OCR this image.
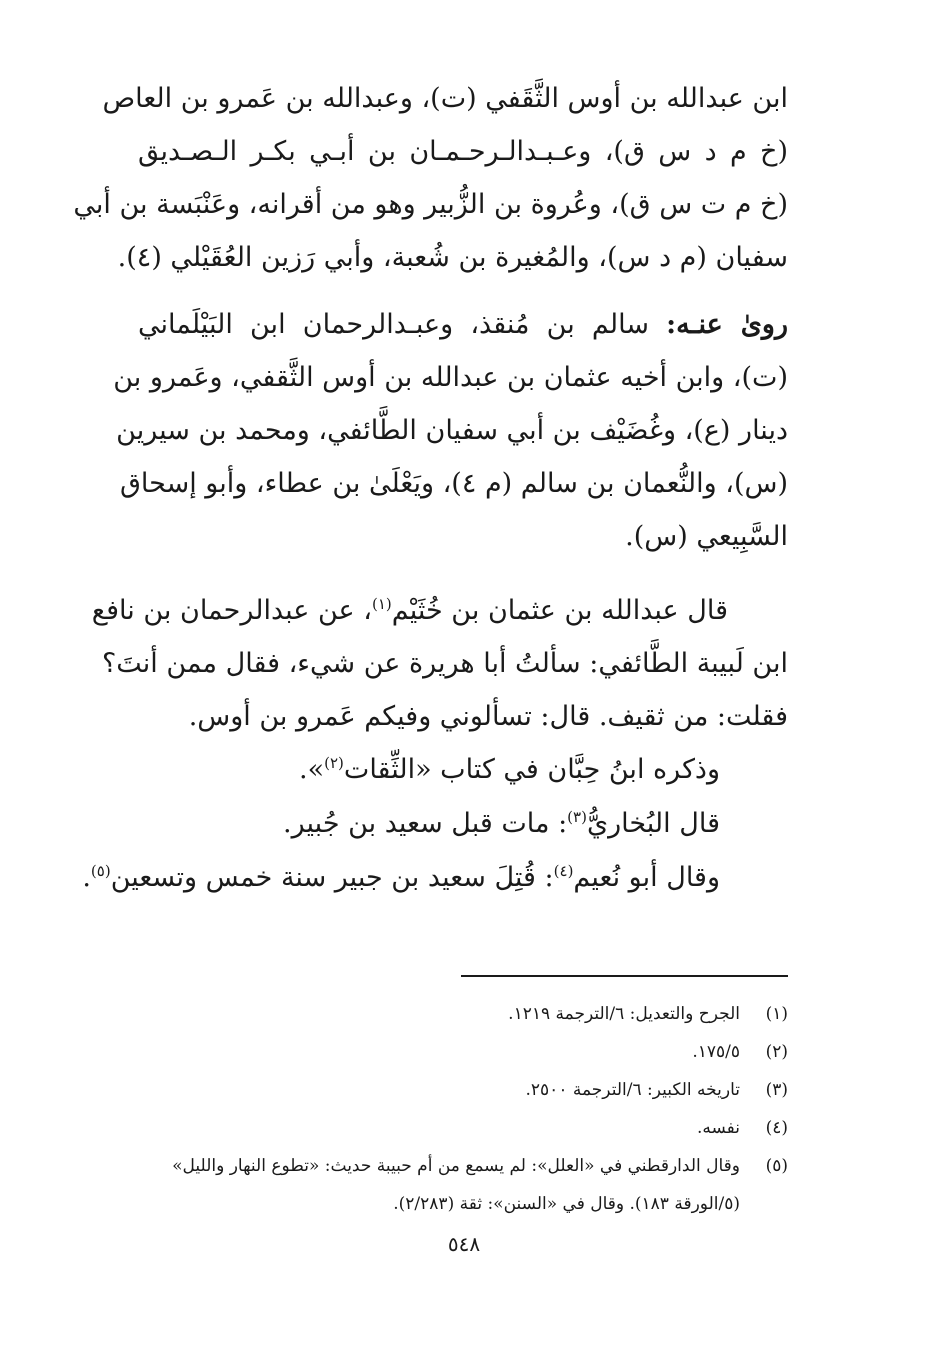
ابن عبدالله بن أوس الثَّقَفي (ت)، وعبدالله بن عَمرو بن العاص
(خ م د س ق)، وعـبـدالـرحـمـان بن أبـي بكـر الـصـديق
(خ م ت س ق)، وعُروة بن الزُّبير وهو من أقرانه، وعَنْبَسة بن أبي
سفيان (م د س)، والمُغيرة بن شُعبة، وأبي رَزين العُقَيْلي (٤).
روىٰ عنـه: سالم بن مُنقذ، وعبـدالرحمان ابن البَيْلَماني
(ت)، وابن أخيه عثمان بن عبدالله بن أوس الثَّقفي، وعَمرو بن
دينار (ع)، وغُضَيْف بن أبي سفيان الطَّائفي، ومحمد بن سيرين
(س)، والنُّعمان بن سالم (م ٤)، ويَعْلَىٰ بن عطاء، وأبو إسحاق
السَّبِيعي (س).
قال عبدالله بن عثمان بن خُثَيْم$^{(١)}$، عن عبدالرحمان بن نافع
ابن لَبيبة الطَّائفي: سألتُ أبا هريرة عن شيء، فقال ممن أنتَ؟
فقلت: من ثقيف. قال: تسألوني وفيكم عَمرو بن أوس.
وذكره ابنُ حِبَّان في كتاب «الثِّقات$^{(٢)}$».
قال البُخاريُّ$^{(٣)}$: مات قبل سعيد بن جُبير.
وقال أبو نُعيم$^{(٤)}$: قُتِلَ سعيد بن جبير سنة خمس وتسعين$^{(٥)}$.
(١)
الجرح والتعديل: ٦/الترجمة ١٢١٩.
(٢)
١٧٥/٥.
(٣)
تاريخه الكبير: ٦/الترجمة ٢٥٠٠.
(٤)
نفسه.
(٥)
وقال الدارقطني في «العلل»: لم يسمع من أم حبيبة حديث: «تطوع النهار والليل»
(٥/الورقة ١٨٣). وقال في «السنن»: ثقة (٢/٢٨٣).
٥٤٨
